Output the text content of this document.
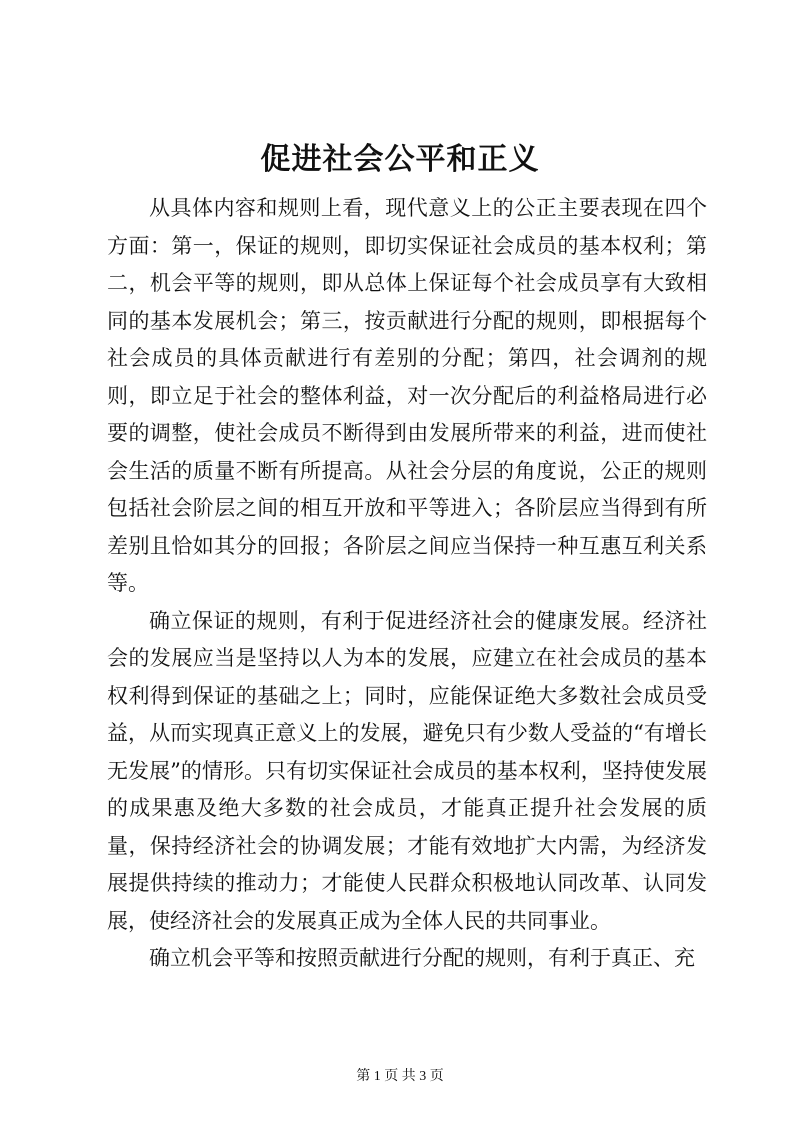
促进社会公平和正义

从具体内容和规则上看，现代意义上的公正主要表现在四个方面：第一，保证的规则，即切实保证社会成员的基本权利；第二，机会平等的规则，即从总体上保证每个社会成员享有大致相同的基本发展机会；第三，按贡献进行分配的规则，即根据每个社会成员的具体贡献进行有差别的分配；第四，社会调剂的规则，即立足于社会的整体利益，对一次分配后的利益格局进行必要的调整，使社会成员不断得到由发展所带来的利益，进而使社会生活的质量不断有所提高。从社会分层的角度说，公正的规则包括社会阶层之间的相互开放和平等进入；各阶层应当得到有所差别且恰如其分的回报；各阶层之间应当保持一种互惠互利关系等。

确立保证的规则，有利于促进经济社会的健康发展。经济社会的发展应当是坚持以人为本的发展，应建立在社会成员的基本权利得到保证的基础之上；同时，应能保证绝大多数社会成员受益，从而实现真正意义上的发展，避免只有少数人受益的“有增长无发展”的情形。只有切实保证社会成员的基本权利，坚持使发展的成果惠及绝大多数的社会成员，才能真正提升社会发展的质量，保持经济社会的协调发展；才能有效地扩大内需，为经济发展提供持续的推动力；才能使人民群众积极地认同改革、认同发展，使经济社会的发展真正成为全体人民的共同事业。

确立机会平等和按照贡献进行分配的规则，有利于真正、充

第 1 页 共 3 页
